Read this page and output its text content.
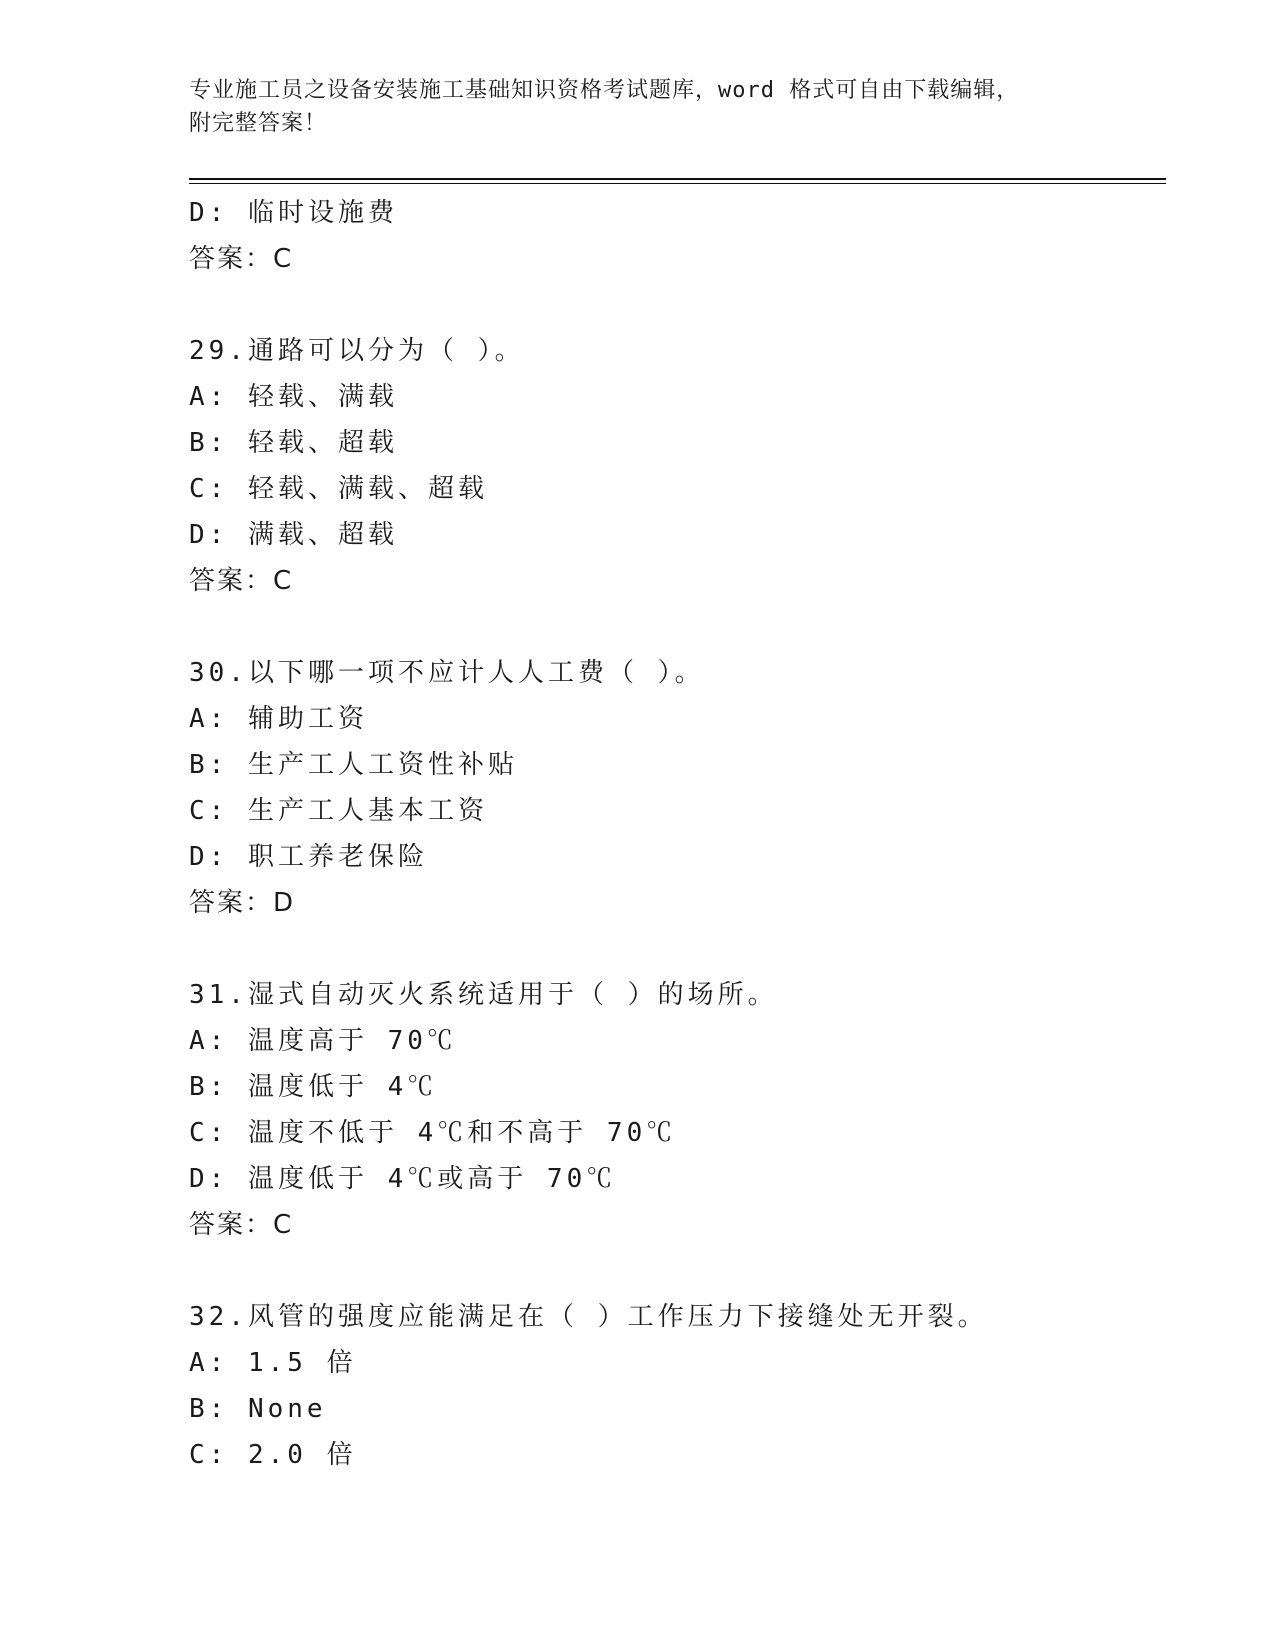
专业施工员之设备安装施工基础知识资格考试题库，word 格式可自由下载编辑，
附完整答案！
D: 临时设施费
答案：C
29.通路可以分为（ ）。
A: 轻载、满载
B: 轻载、超载
C: 轻载、满载、超载
D: 满载、超载
答案：C
30.以下哪一项不应计人人工费（ ）。
A: 辅助工资
B: 生产工人工资性补贴
C: 生产工人基本工资
D: 职工养老保险
答案：D
31.湿式自动灭火系统适用于（ ）的场所。
A: 温度高于 70℃
B: 温度低于 4℃
C: 温度不低于 4℃和不高于 70℃
D: 温度低于 4℃或高于 70℃
答案：C
32.风管的强度应能满足在（ ）工作压力下接缝处无开裂。
A: 1.5 倍
B: None
C: 2.0 倍
